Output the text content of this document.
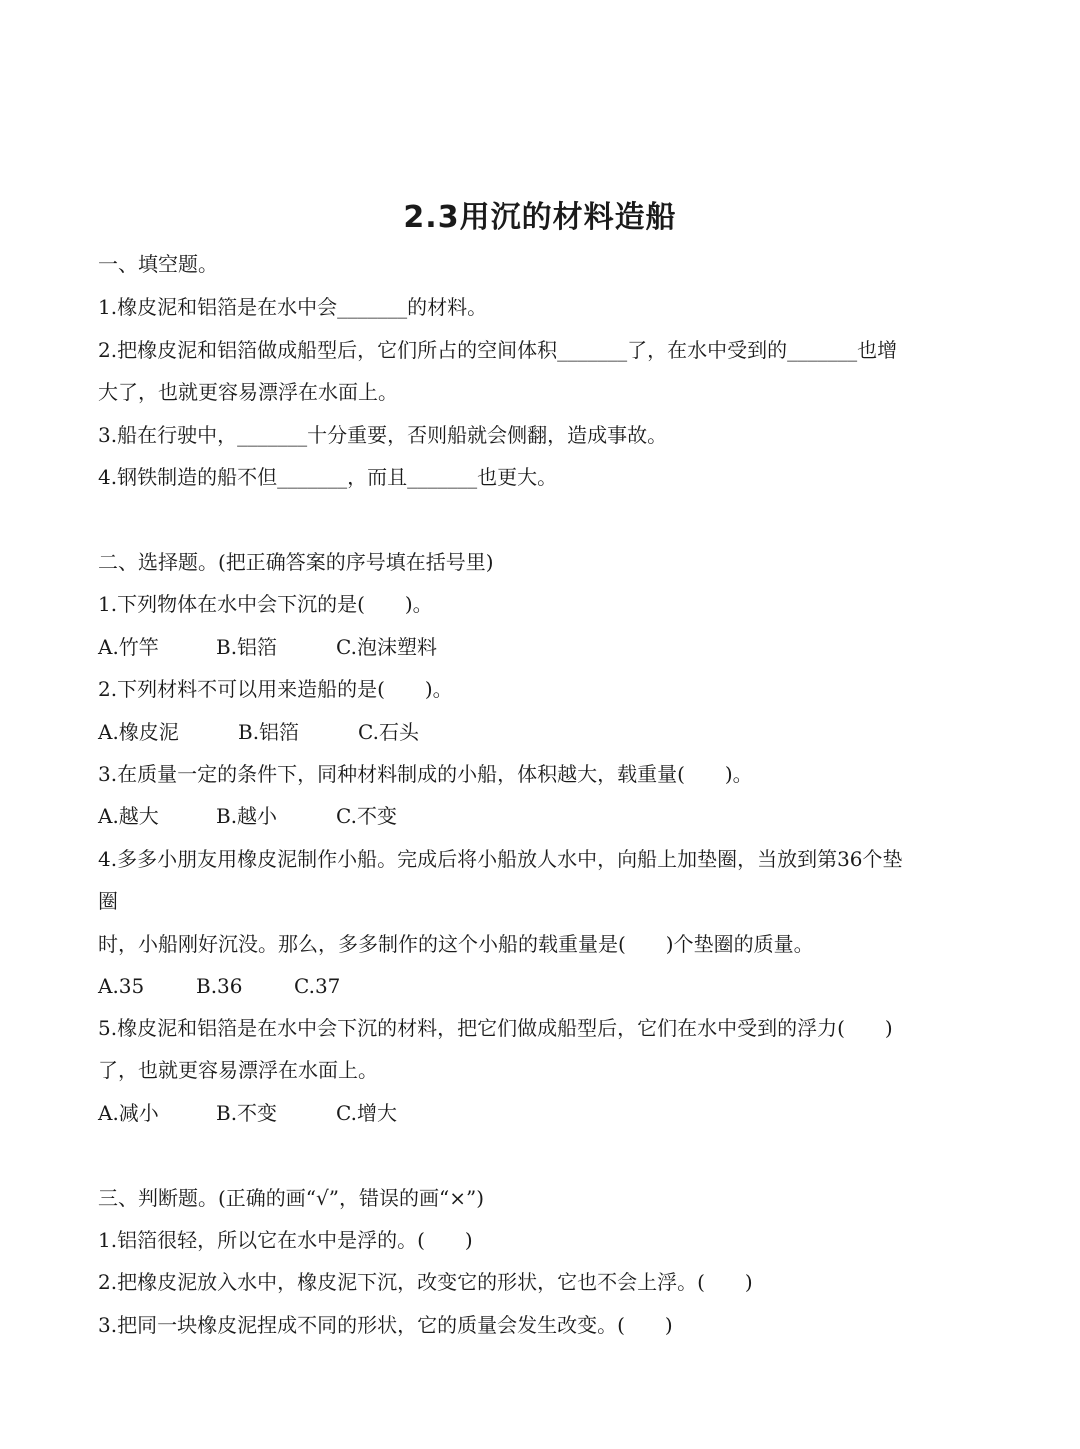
2.3用沉的材料造船
一、填空题。
1.橡皮泥和铝箔是在水中会_______的材料。
2.把橡皮泥和铝箔做成船型后，它们所占的空间体积_______了，在水中受到的_______也增
大了，也就更容易漂浮在水面上。
3.船在行驶中，_______十分重要，否则船就会侧翻，造成事故。
4.钢铁制造的船不但_______，而且_______也更大。
二、选择题。(把正确答案的序号填在括号里)
1.下列物体在水中会下沉的是(　　)。
A.竹竿	B.铝箔	C.泡沫塑料
2.下列材料不可以用来造船的是(　　)。
A.橡皮泥	B.铝箔	C.石头
3.在质量一定的条件下，同种材料制成的小船，体积越大，载重量(　　)。
A.越大	B.越小	C.不变
4.多多小朋友用橡皮泥制作小船。完成后将小船放人水中，向船上加垫圈，当放到第36个垫
圈
时，小船刚好沉没。那么，多多制作的这个小船的载重量是(　　)个垫圈的质量。
A.35	B.36	C.37
5.橡皮泥和铝箔是在水中会下沉的材料，把它们做成船型后，它们在水中受到的浮力(　　)
了，也就更容易漂浮在水面上。
A.减小	B.不变	C.增大
三、判断题。(正确的画“√”，错误的画“×”)
1.铝箔很轻，所以它在水中是浮的。(　　)
2.把橡皮泥放入水中，橡皮泥下沉，改变它的形状，它也不会上浮。(　　)
3.把同一块橡皮泥捏成不同的形状，它的质量会发生改变。(　　)
